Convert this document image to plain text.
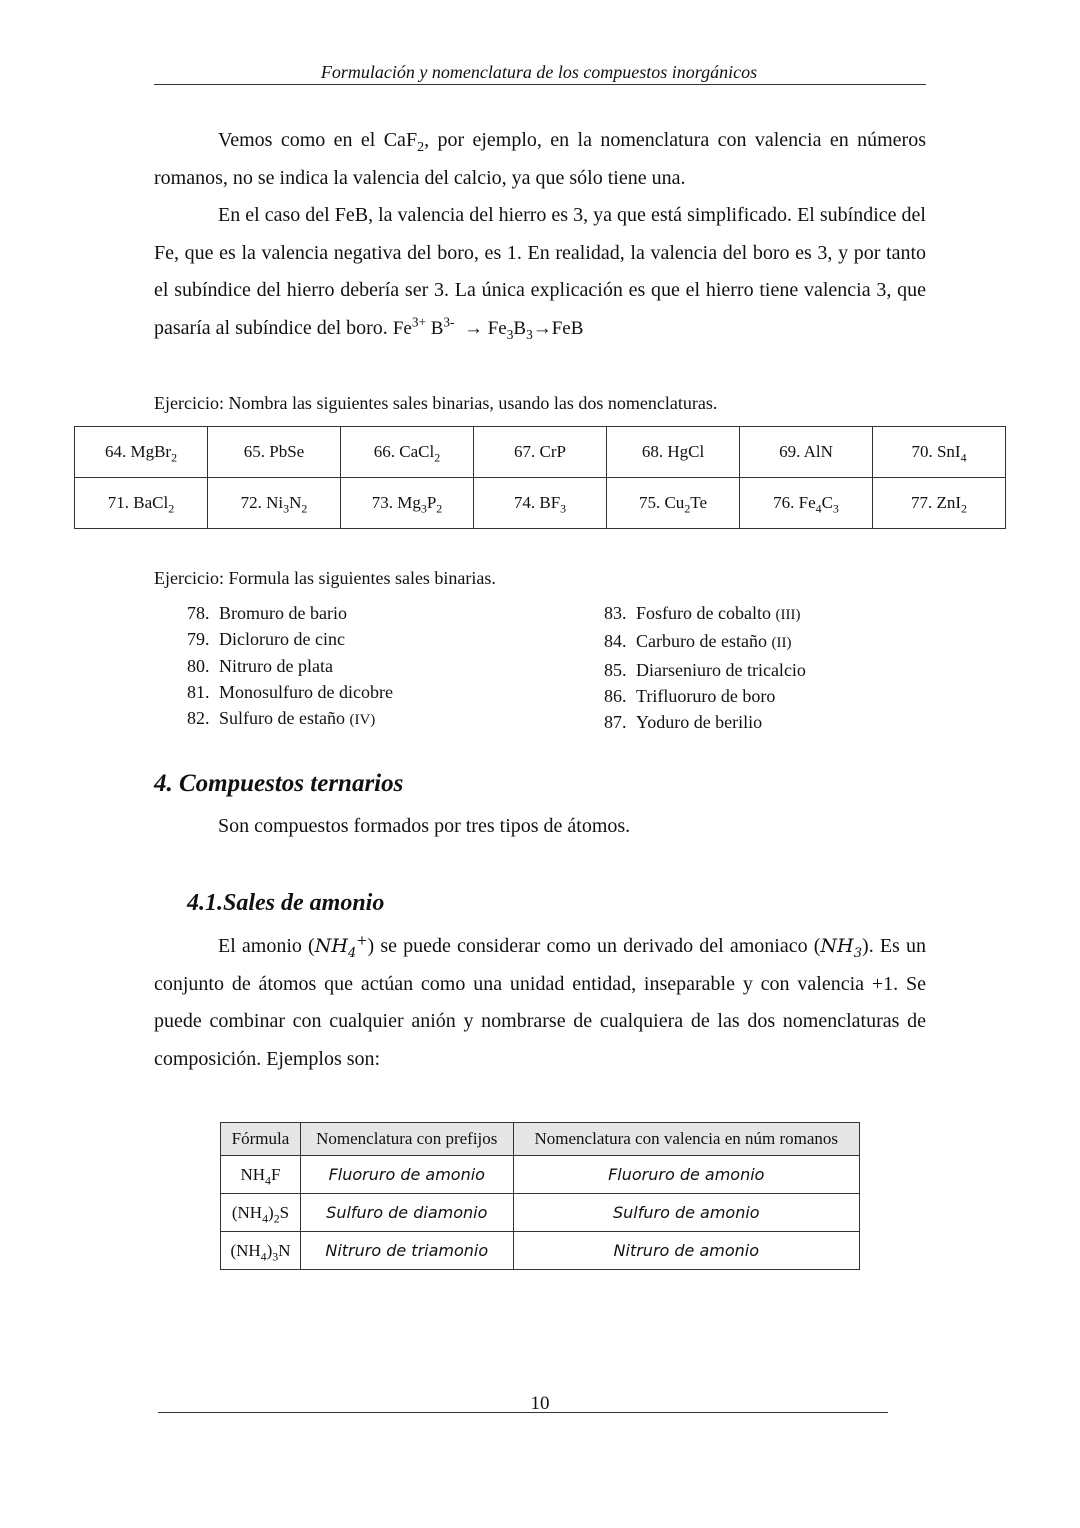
Formulación y nomenclatura de los compuestos inorgánicos

Vemos como en el CaF$_2$, por ejemplo, en la nomenclatura con valencia en números romanos, no se indica la valencia del calcio, ya que sólo tiene una.

En el caso del FeB, la valencia del hierro es 3, ya que está simplificado. El subíndice del Fe, que es la valencia negativa del boro, es 1. En realidad, la valencia del boro es 3, y por tanto el subíndice del hierro debería ser 3. La única explicación es que el hierro tiene valencia 3, que pasaría al subíndice del boro. $Fe^{3+}$ $B^{3-} \to Fe_3B_3\to FeB$

Ejercicio: Nombra las siguientes sales binarias, usando las dos nomenclaturas.
64. MgBr$_2$	65. PbSe	66. CaCl$_2$	67. CrP	68. HgCl	69. AlN	70. SnI$_4$
71. BaCl$_2$	72. $Ni_3N_2$	73. $Mg_3P_2$	74. $BF_3$	75. $Cu_2Te$	76. $Fe_4C_3$	77. ZnI$_2$
Ejercicio: Formula las siguientes sales binarias.
78. Bromuro de bario
79. Dicloruro de cinc
80. Nitruro de plata
81. Monosulfuro de dicobre
82. Sulfuro de estaño (IV)
83. Fosfuro de cobalto (III)
84. Carburo de estaño (II)
85. Diarseniuro de tricalcio
86. Trifluoruro de boro
87. Yoduro de berilio
4. Compuestos ternarios
Son compuestos formados por tres tipos de átomos.
4.1.Sales de amonio

El amonio $(NH_4^+)$ se puede considerar como un derivado del amoniaco $(NH_3)$. Es un conjunto de átomos que actúan como una unidad entidad, inseparable y con valencia +1. Se puede combinar con cualquier anión y nombrarse de cualquiera de las dos nomenclaturas de composición. Ejemplos son:

Fórmula	Nomenclatura con prefijos	Nomenclatura con valencia en núm romanos
$NH_4F$	Fluoruro de amonio	Fluoruro de amonio
$(NH_4)_2S$	Sulfuro de diamonio	Sulfuro de amonio
$(NH_4)_3N$	Nitruro de triamonio	Nitruro de amonio
10
